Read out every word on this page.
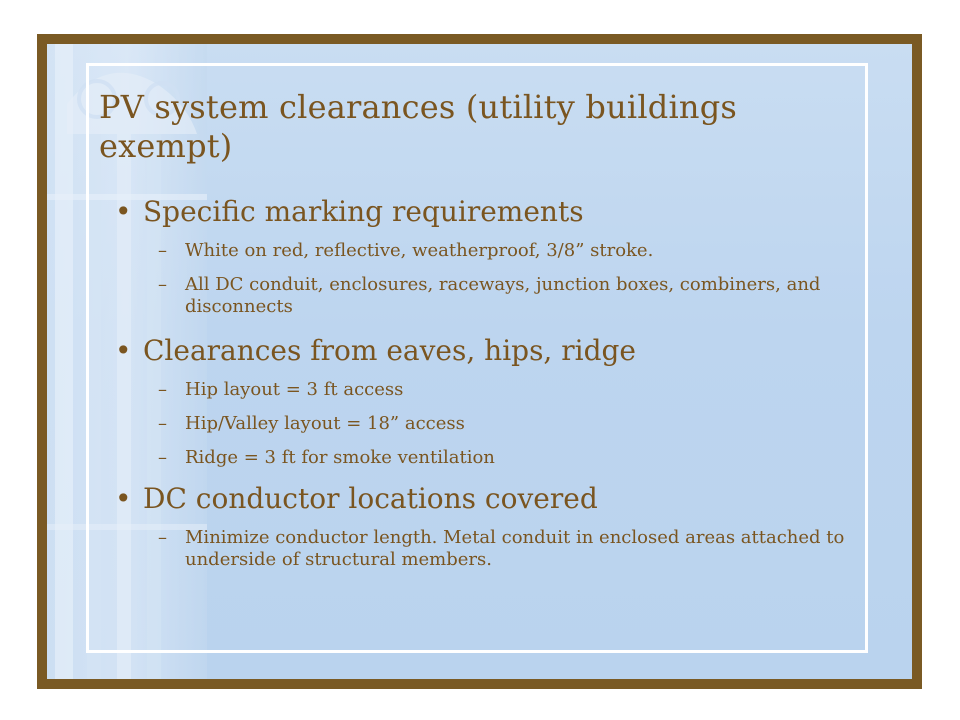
PV system clearances (utility buildings exempt)
• Specific marking requirements
– White on red, reflective, weatherproof, 3/8” stroke.
– All DC conduit, enclosures, raceways, junction boxes, combiners, and disconnects
• Clearances from eaves, hips, ridge
– Hip layout = 3 ft access
– Hip/Valley layout = 18” access
– Ridge = 3 ft for smoke ventilation
• DC conductor locations covered
– Minimize conductor length. Metal conduit in enclosed areas attached to underside of structural members.
